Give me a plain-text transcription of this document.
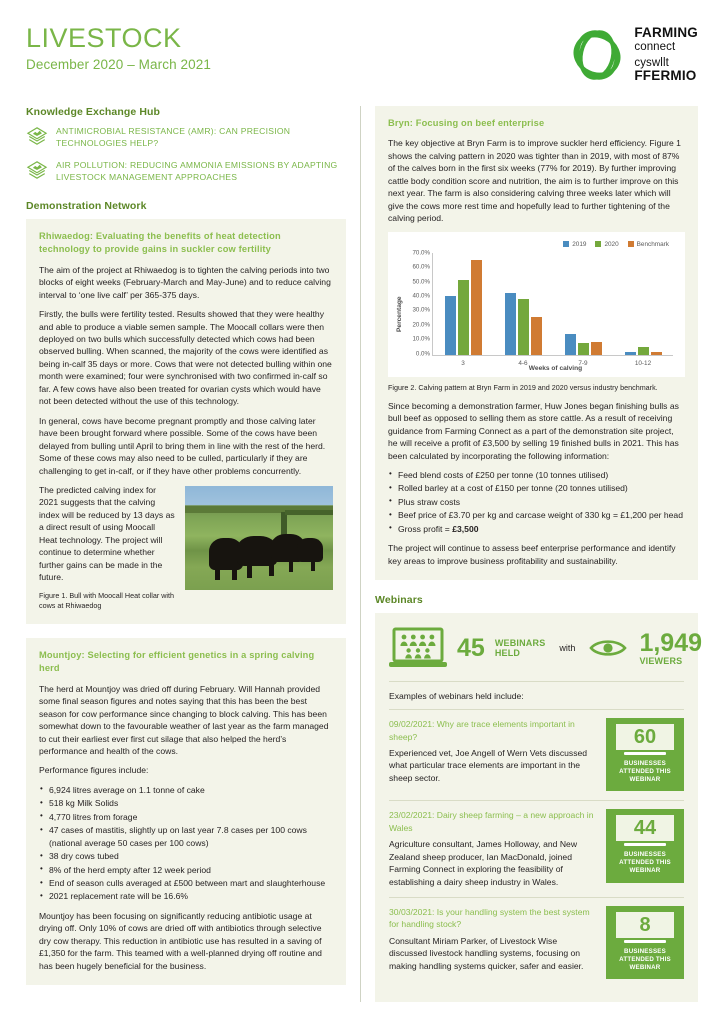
LIVESTOCK
December 2020 – March 2021
FARMING
connect
cyswllt
FFERMIO
Knowledge Exchange Hub
ANTIMICROBIAL RESISTANCE (AMR): CAN PRECISION TECHNOLOGIES HELP?
AIR POLLUTION: REDUCING AMMONIA EMISSIONS BY ADAPTING LIVESTOCK MANAGEMENT APPROACHES
Demonstration Network
Rhiwaedog: Evaluating the benefits of heat detection technology to provide gains in suckler cow fertility

The aim of the project at Rhiwaedog is to tighten the calving periods into two blocks of eight weeks (February-March and May-June) and to reduce calving interval to ‘one live calf’ per 365-375 days.

Firstly, the bulls were fertility tested. Results showed that they were healthy and able to produce a viable semen sample. The Moocall collars were then deployed on two bulls which successfully detected which cows had been observed bulling. When scanned, the majority of the cows were identified as being in-calf 35 days or more. Cows that were not detected bulling within one month were examined; four were synchronised with two confirmed in-calf so far. A few cows have also been treated for ovarian cysts which would have not been detected without the use of this technology.

In general, cows have become pregnant promptly and those calving later have been brought forward where possible. Some of the cows have been delayed from bulling until April to bring them in line with the rest of the herd. Some of these cows may also need to be culled, particularly if they are challenging to get in-calf, or if they have other problems concurrently.

The predicted calving index for 2021 suggests that the calving index will be reduced by 13 days as a direct result of using Moocall Heat technology. The project will continue to determine whether further gains can be made in the future.

Figure 1. Bull with Moocall Heat collar with cows at Rhiwaedog
Mountjoy: Selecting for efficient genetics in a spring calving herd

The herd at Mountjoy was dried off during February. Will Hannah provided some final season figures and notes saying that this has been the best season for cow performance since changing to block calving. This has been somewhat down to the favourable weather of last year as the farm managed to cut their earliest ever first cut silage that also helped the herd’s performance and health of the cows.

Performance figures include:

• 6,924 litres average on 1.1 tonne of cake
• 518 kg Milk Solids
• 4,770 litres from forage
• 47 cases of mastitis, slightly up on last year 7.8 cases per 100 cows (national average 50 cases per 100 cows)
• 38 dry cows tubed
• 8% of the herd empty after 12 week period
• End of season culls averaged at £500 between mart and slaughterhouse
• 2021 replacement rate will be 16.6%

Mountjoy has been focusing on significantly reducing antibiotic usage at drying off. Only 10% of cows are dried off with antibiotics through selective dry cow therapy. This reduction in antibiotic use has resulted in a saving of £1,350 for the farm. This teamed with a well-planned drying off routine and has been hugely beneficial for the business.

Bryn: Focusing on beef enterprise

The key objective at Bryn Farm is to improve suckler herd efficiency. Figure 1 shows the calving pattern in 2020 was tighter than in 2019, with most of 87% of the calves born in the first six weeks (77% for 2019). By further improving cattle body condition score and nutrition, the aim is to further improve on this next year. The farm is also considering calving three weeks later which will give the cows more rest time and hopefully lead to further tightening of the calving period.

2019	2020	Benchmark
Percentage
70.0%
60.0%
50.0%
40.0%
30.0%
20.0%
10.0%
0.0%
3	4-6	7-9	10-12
Weeks of calving
Figure 2. Calving pattern at Bryn Farm in 2019 and 2020 versus industry benchmark.

Since becoming a demonstration farmer, Huw Jones began finishing bulls as bull beef as opposed to selling them as store cattle. As a result of receiving guidance from Farming Connect as a part of the demonstration site project, he will receive a profit of £3,500 by selling 19 finished bulls in 2021. This has been calculated by incorporating the following information:

• Feed blend costs of £250 per tonne (10 tonnes utilised)
• Rolled barley at a cost of £150 per tonne (20 tonnes utilised)
• Plus straw costs
• Beef price of £3.70 per kg and carcase weight of 330 kg = £1,200 per head
• Gross profit = £3,500

The project will continue to assess beef enterprise performance and identify key areas to improve business profitability and sustainability.

Webinars
45 WEBINARS
HELD	with	1,949
VIEWERS
Examples of webinars held include:
09/02/2021: Why are trace elements important in sheep?

Experienced vet, Joe Angell of Wern Vets discussed what particular trace elements are important in the sheep sector.

60
BUSINESSES ATTENDED THIS WEBINAR
23/02/2021: Dairy sheep farming – a new approach in Wales

Agriculture consultant, James Holloway, and New Zealand sheep producer, Ian MacDonald, joined Farming Connect in exploring the feasibility of establishing a dairy sheep industry in Wales.

44
BUSINESSES ATTENDED THIS WEBINAR
30/03/2021: Is your handling system the best system for handling stock?

Consultant Miriam Parker, of Livestock Wise discussed livestock handling systems, focusing on making handling systems quicker, safer and easier.

8
BUSINESSES ATTENDED THIS WEBINAR
